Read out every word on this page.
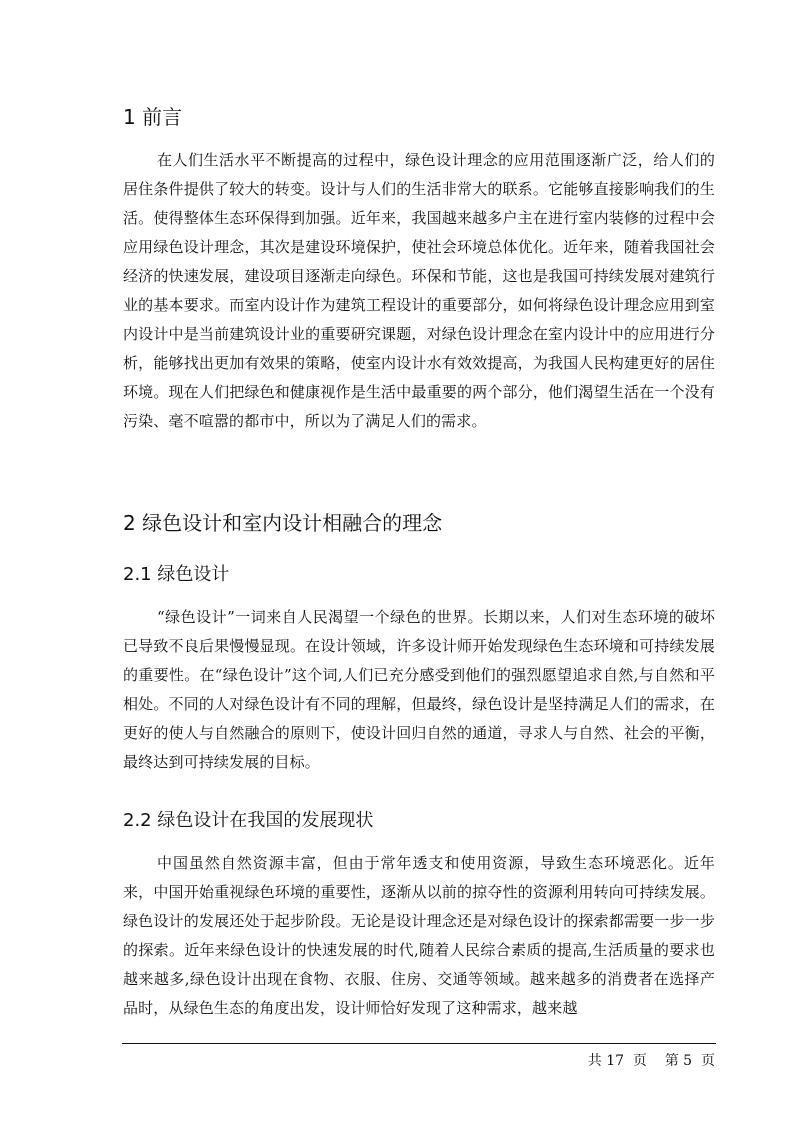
1 前言

在人们生活水平不断提高的过程中，绿色设计理念的应用范围逐渐广泛，给人们的居住条件提供了较大的转变。设计与人们的生活非常大的联系。它能够直接影响我们的生活。使得整体生态环保得到加强。近年来，我国越来越多户主在进行室内装修的过程中会应用绿色设计理念，其次是建设环境保护，使社会环境总体优化。近年来，随着我国社会经济的快速发展，建设项目逐渐走向绿色。环保和节能，这也是我国可持续发展对建筑行业的基本要求。而室内设计作为建筑工程设计的重要部分，如何将绿色设计理念应用到室内设计中是当前建筑设计业的重要研究课题，对绿色设计理念在室内设计中的应用进行分析，能够找出更加有效果的策略，使室内设计水有效效提高，为我国人民构建更好的居住环境。现在人们把绿色和健康视作是生活中最重要的两个部分，他们渴望生活在一个没有污染、毫不喧嚣的都市中，所以为了满足人们的需求。

2 绿色设计和室内设计相融合的理念
2.1 绿色设计

“绿色设计”一词来自人民渴望一个绿色的世界。长期以来，人们对生态环境的破坏已导致不良后果慢慢显现。在设计领域，许多设计师开始发现绿色生态环境和可持续发展的重要性。在“绿色设计”这个词,人们已充分感受到他们的强烈愿望追求自然,与自然和平相处。不同的人对绿色设计有不同的理解，但最终，绿色设计是坚持满足人们的需求，在更好的使人与自然融合的原则下，使设计回归自然的通道，寻求人与自然、社会的平衡，最终达到可持续发展的目标。

2.2 绿色设计在我国的发展现状

中国虽然自然资源丰富，但由于常年透支和使用资源，导致生态环境恶化。近年来，中国开始重视绿色环境的重要性，逐渐从以前的掠夺性的资源利用转向可持续发展。绿色设计的发展还处于起步阶段。无论是设计理念还是对绿色设计的探索都需要一步一步的探索。近年来绿色设计的快速发展的时代,随着人民综合素质的提高,生活质量的要求也越来越多,绿色设计出现在食物、衣服、住房、交通等领域。越来越多的消费者在选择产品时，从绿色生态的角度出发，设计师恰好发现了这种需求，越来越

共 17  页    第 5  页
